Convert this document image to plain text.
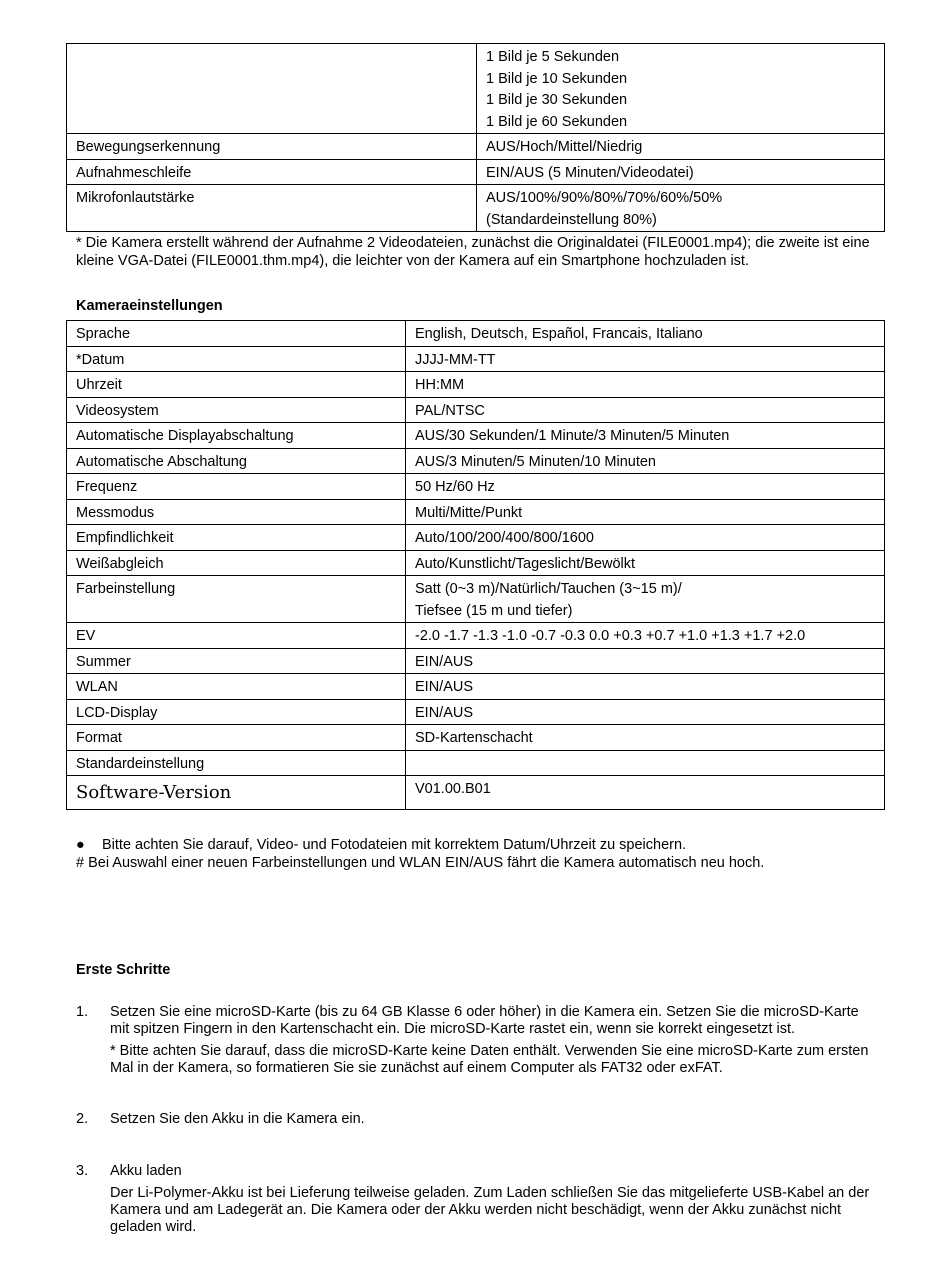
	1 Bild je 5 Sekunden
1 Bild je 10 Sekunden
1 Bild je 30 Sekunden
1 Bild je 60 Sekunden

Bewegungserkennung	AUS/Hoch/Mittel/Niedrig
Aufnahmeschleife	EIN/AUS (5 Minuten/Videodatei)
Mikrofonlautstärke	AUS/100%/90%/80%/70%/60%/50%
(Standardeinstellung 80%)
* Die Kamera erstellt während der Aufnahme 2 Videodateien, zunächst die Originaldatei (FILE0001.mp4); die zweite ist eine kleine VGA-Datei (FILE0001.thm.mp4), die leichter von der Kamera auf ein Smartphone hochzuladen ist.
Kameraeinstellungen
Sprache	English, Deutsch, Español, Francais, Italiano
*Datum	JJJJ-MM-TT
Uhrzeit	HH:MM
Videosystem	PAL/NTSC
Automatische Displayabschaltung	AUS/30 Sekunden/1 Minute/3 Minuten/5 Minuten
Automatische Abschaltung	AUS/3 Minuten/5 Minuten/10 Minuten
Frequenz	50 Hz/60 Hz
Messmodus	Multi/Mitte/Punkt
Empfindlichkeit	Auto/100/200/400/800/1600
Weißabgleich	Auto/Kunstlicht/Tageslicht/Bewölkt
Farbeinstellung	Satt (0~3 m)/Natürlich/Tauchen (3~15 m)/
Tiefsee (15 m und tiefer)

EV	-2.0 -1.7 -1.3 -1.0 -0.7 -0.3 0.0 +0.3 +0.7 +1.0 +1.3 +1.7 +2.0
Summer	EIN/AUS
WLAN	EIN/AUS
LCD-Display	EIN/AUS
Format	SD-Kartenschacht
Standardeinstellung	
Software-Version	V01.00.B01
● Bitte achten Sie darauf, Video- und Fotodateien mit korrektem Datum/Uhrzeit zu speichern.
# Bei Auswahl einer neuen Farbeinstellungen und WLAN EIN/AUS fährt die Kamera automatisch neu hoch.
Erste Schritte
1. Setzen Sie eine microSD-Karte (bis zu 64 GB Klasse 6 oder höher) in die Kamera ein. Setzen Sie die microSD-Karte mit spitzen Fingern in den Kartenschacht ein. Die microSD-Karte rastet ein, wenn sie korrekt eingesetzt ist.
* Bitte achten Sie darauf, dass die microSD-Karte keine Daten enthält. Verwenden Sie eine microSD-Karte zum ersten Mal in der Kamera, so formatieren Sie sie zunächst auf einem Computer als FAT32 oder exFAT.
2. Setzen Sie den Akku in die Kamera ein.
3. Akku laden
Der Li-Polymer-Akku ist bei Lieferung teilweise geladen. Zum Laden schließen Sie das mitgelieferte USB-Kabel an der Kamera und am Ladegerät an. Die Kamera oder der Akku werden nicht beschädigt, wenn der Akku zunächst nicht geladen wird.
